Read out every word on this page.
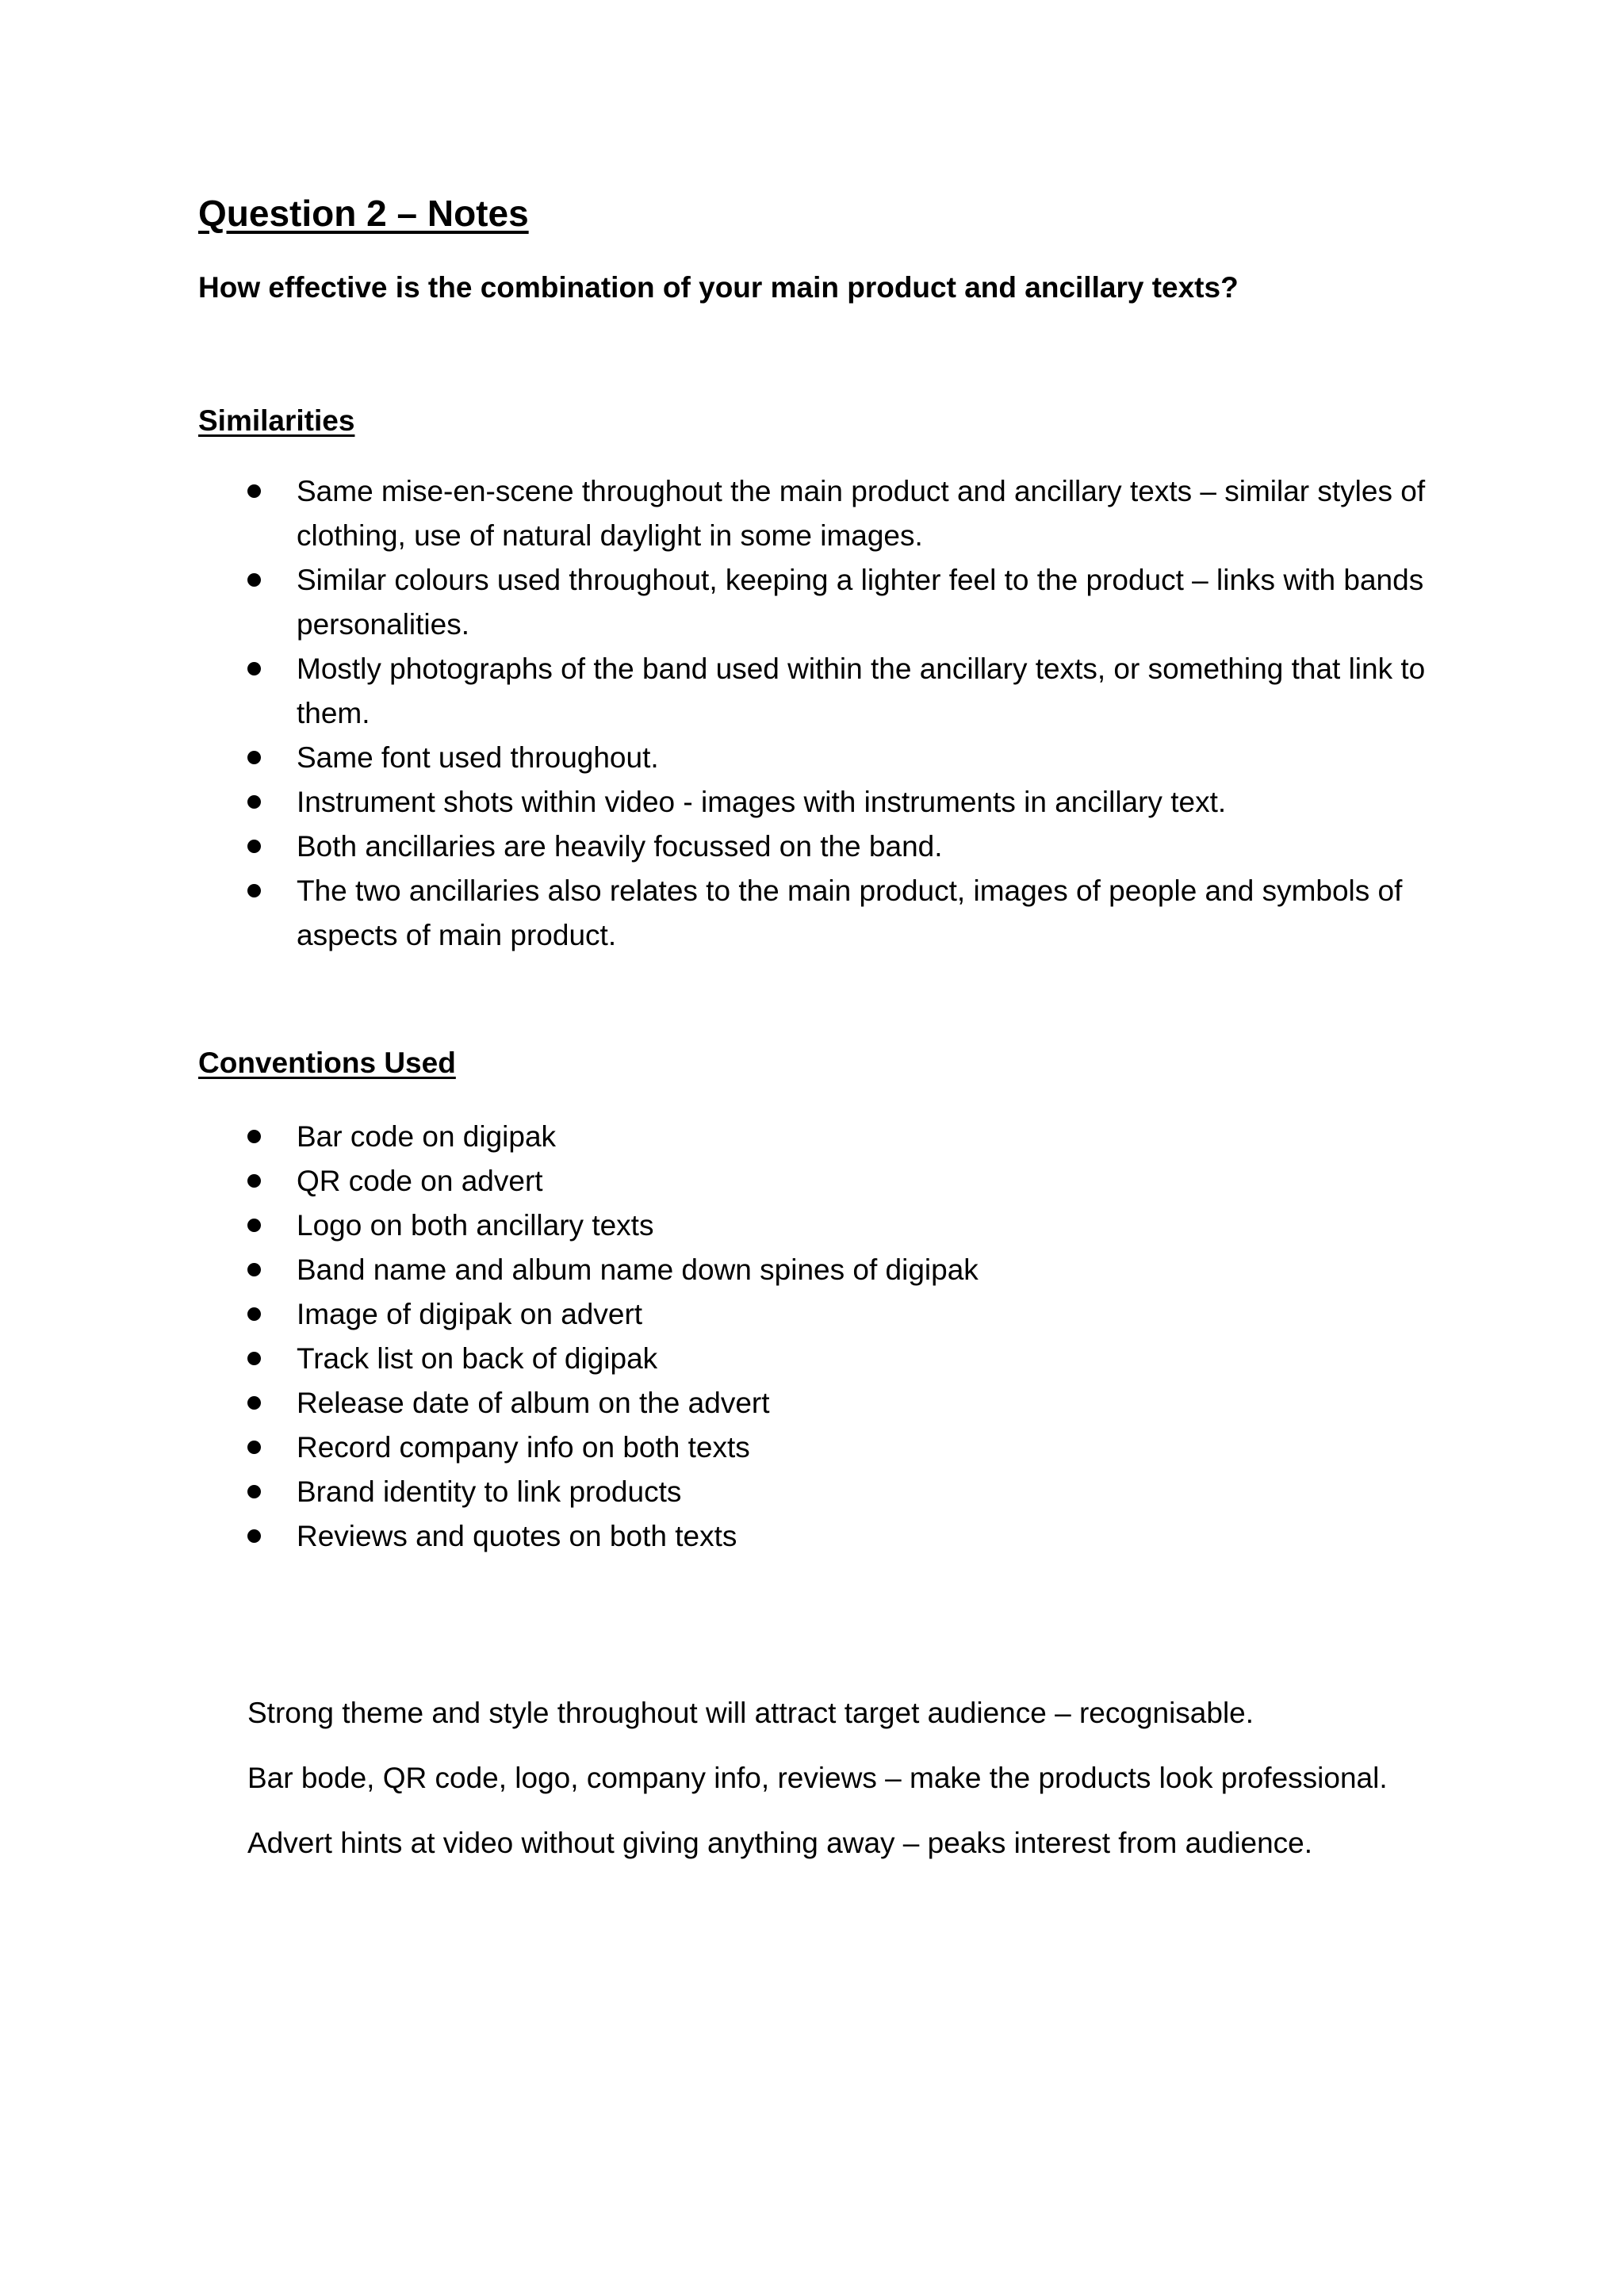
Question 2 – Notes
How effective is the combination of your main product and ancillary texts?
Similarities
Same mise-en-scene throughout the main product and ancillary texts – similar styles of clothing, use of natural daylight in some images.
Similar colours used throughout, keeping a lighter feel to the product – links with bands personalities.
Mostly photographs of the band used within the ancillary texts, or something that link to them.
Same font used throughout.
Instrument shots within video - images with instruments in ancillary text.
Both ancillaries are heavily focussed on the band.
The two ancillaries also relates to the main product, images of people and symbols of aspects of main product.
Conventions Used
Bar code on digipak
QR code on advert
Logo on both ancillary texts
Band name and album name down spines of digipak
Image of digipak on advert
Track list on back of digipak
Release date of album on the advert
Record company info on both texts
Brand identity to link products
Reviews and quotes on both texts

Strong theme and style throughout will attract target audience – recognisable.

Bar bode, QR code, logo, company info, reviews – make the products look professional.

Advert hints at video without giving anything away – peaks interest from audience.
